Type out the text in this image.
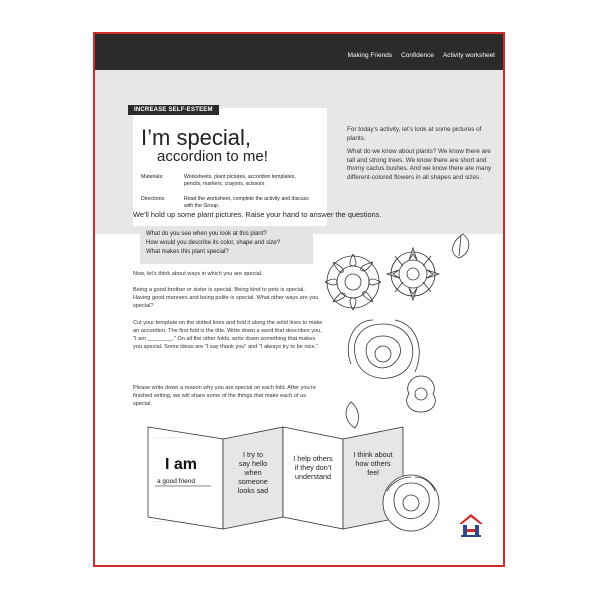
Making Friends Confidence Activity worksheet
INCREASE SELF-ESTEEM
I’m special,
accordion to me!
Materials:	Worksheets, plant pictures, accordion templates, pencils, markers, crayons, scissors
Directions:	Read the worksheet, complete the activity and discuss with the Group.

For today’s activity, let’s look at some pictures of plants.

What do we know about plants? We know there are tall and strong trees. We know there are short and thorny cactus bushes. And we know there are many different-colored flowers in all shapes and sizes.

We’ll hold up some plant pictures. Raise your hand to answer the questions.
What do you see when you look at this plant?
How would you describe its color, shape and size?
What makes this plant special?
Now, let’s think about ways in which you are special.
Being a good brother or sister is special. Being kind to pets is special. Having good manners and being polite is special. What other ways are you special?
Cut your template on the dotted lines and fold it along the solid lines to make an accordion. The first fold is the title. Write down a word that describes you, "I am ________." On all the other folds, write down something that makes you special. Some ideas are "I say thank you" and "I always try to be nice."
Please write down a reason why you are special on each fold. After you’re finished writing, we will share some of the things that make each of us special.
· · · · · · · · · · · · · · ·
· · · · · · · · · · · · · · ·
I am
a good friend
I try to
say hello
when
someone
looks sad
I help others
if they don’t
understand
I think about
how others
feel
